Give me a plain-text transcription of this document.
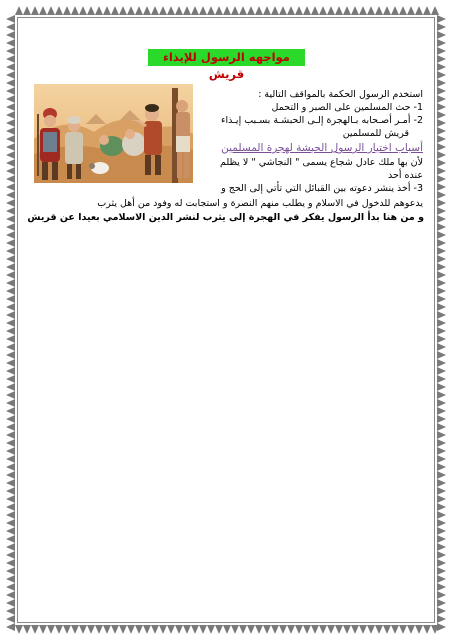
مواجهه الرسول للإيذاء قريش
استخدم الرسول الحكمة بالمواقف التالية :
1- حث المسلمين على الصبر و التحمل
2- أمـر أصـحابه بـالهجرة إلـى الحبشـة بسـبب إيـذاء
قريش للمسلمين
أسباب اختيار الرسول الحبشة لهجرة المسلمين
لأن بها ملك عادل شجاع يسمى " النجاشي " لا يظلم
عنده أحد
3- أخذ ينشر دعوته بين القبائل التي تأتي إلى الحج و
يدعوهم للدخول في الاسلام و يطلب منهم النصرة و استجابت له وفود من أهل يثرب
و من هنا بدأ الرسول يفكر في الهجرة إلى يثرب لنشر الدين الاسلامي بعيدا عن قريش
